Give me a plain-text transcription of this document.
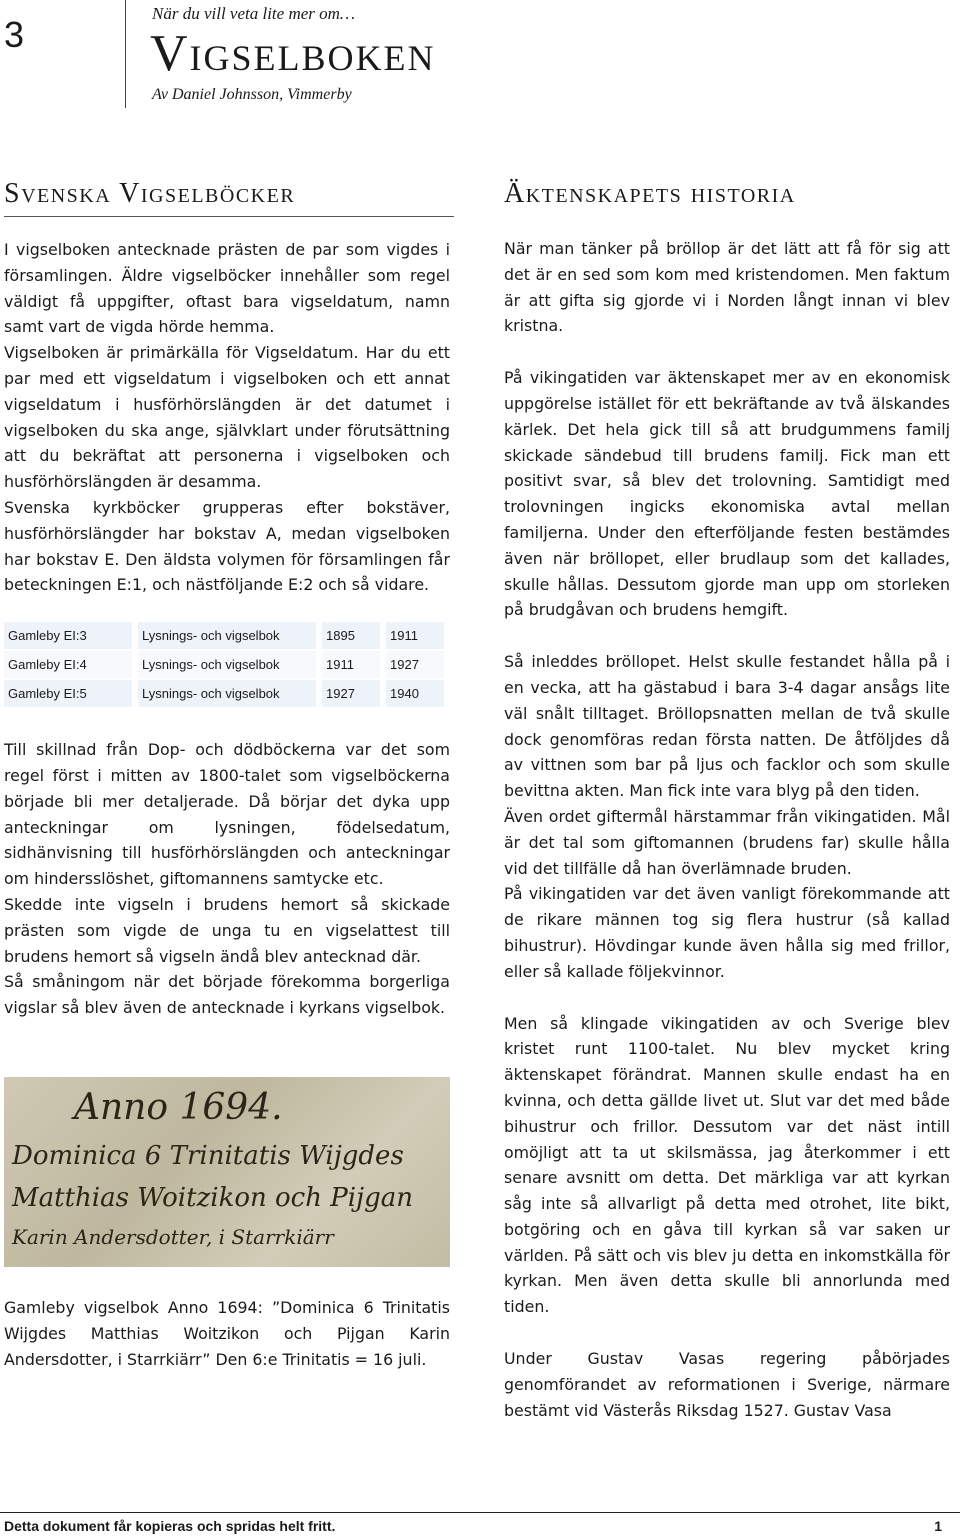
3
När du vill veta lite mer om…
Vigselboken
Av Daniel Johnsson, Vimmerby
Svenska Vigselböcker

I vigselboken antecknade prästen de par som vigdes i församlingen. Äldre vigselböcker innehåller som regel väldigt få uppgifter, oftast bara vigseldatum, namn samt vart de vigda hörde hemma.

Vigselboken är primärkälla för Vigseldatum. Har du ett par med ett vigseldatum i vigselboken och ett annat vigseldatum i husförhörslängden är det datumet i vigselboken du ska ange, självklart under förutsättning att du bekräftat att personerna i vigselboken och husförhörslängden är desamma.

Svenska kyrkböcker grupperas efter bokstäver, husförhörslängder har bokstav A, medan vigselboken har bokstav E. Den äldsta volymen för församlingen får beteckningen E:1, och nästföljande E:2 och så vidare.

Gamleby EI:3	Lysnings- och vigselbok	1895	1911
Gamleby EI:4	Lysnings- och vigselbok	1911	1927
Gamleby EI:5	Lysnings- och vigselbok	1927	1940

Till skillnad från Dop- och dödböckerna var det som regel först i mitten av 1800-talet som vigselböckerna började bli mer detaljerade. Då börjar det dyka upp anteckningar om lysningen, födelsedatum, sidhänvisning till husförhörslängden och anteckningar om hindersslöshet, giftomannens samtycke etc.

Skedde inte vigseln i brudens hemort så skickade prästen som vigde de unga tu en vigselattest till brudens hemort så vigseln ändå blev antecknad där.

Så småningom när det började förekomma borgerliga vigslar så blev även de antecknade i kyrkans vigselbok.

Anno 1694.
Dominica 6 Trinitatis Wijgdes
Matthias Woitzikon och Pijgan
Karin Andersdotter, i Starrkiärr

Gamleby vigselbok Anno 1694: ”Dominica 6 Trinitatis Wijgdes Matthias Woitzikon och Pijgan Karin Andersdotter, i Starrkiärr” Den 6:e Trinitatis = 16 juli.

Äktenskapets historia

När man tänker på bröllop är det lätt att få för sig att det är en sed som kom med kristendomen. Men faktum är att gifta sig gjorde vi i Norden långt innan vi blev kristna.

På vikingatiden var äktenskapet mer av en ekonomisk uppgörelse istället för ett bekräftande av två älskandes kärlek. Det hela gick till så att brudgummens familj skickade sändebud till brudens familj. Fick man ett positivt svar, så blev det trolovning. Samtidigt med trolovningen ingicks ekonomiska avtal mellan familjerna. Under den efterföljande festen bestämdes även när bröllopet, eller brudlaup som det kallades, skulle hållas. Dessutom gjorde man upp om storleken på brudgåvan och brudens hemgift.

Så inleddes bröllopet. Helst skulle festandet hålla på i en vecka, att ha gästabud i bara 3-4 dagar ansågs lite väl snålt tilltaget. Bröllopsnatten mellan de två skulle dock genomföras redan första natten. De åtföljdes då av vittnen som bar på ljus och facklor och som skulle bevittna akten. Man fick inte vara blyg på den tiden.

Även ordet giftermål härstammar från vikingatiden. Mål är det tal som giftomannen (brudens far) skulle hålla vid det tillfälle då han överlämnade bruden.

På vikingatiden var det även vanligt förekommande att de rikare männen tog sig flera hustrur (så kallad bihustrur). Hövdingar kunde även hålla sig med frillor, eller så kallade följekvinnor.

Men så klingade vikingatiden av och Sverige blev kristet runt 1100-talet. Nu blev mycket kring äktenskapet förändrat. Mannen skulle endast ha en kvinna, och detta gällde livet ut. Slut var det med både bihustrur och frillor. Dessutom var det näst intill omöjligt att ta ut skilsmässa, jag återkommer i ett senare avsnitt om detta. Det märkliga var att kyrkan såg inte så allvarligt på detta med otrohet, lite bikt, botgöring och en gåva till kyrkan så var saken ur världen. På sätt och vis blev ju detta en inkomstkälla för kyrkan. Men även detta skulle bli annorlunda med tiden.

Under Gustav Vasas regering påbörjades genomförandet av reformationen i Sverige, närmare bestämt vid Västerås Riksdag 1527. Gustav Vasa

Detta dokument får kopieras och spridas helt fritt.	1
